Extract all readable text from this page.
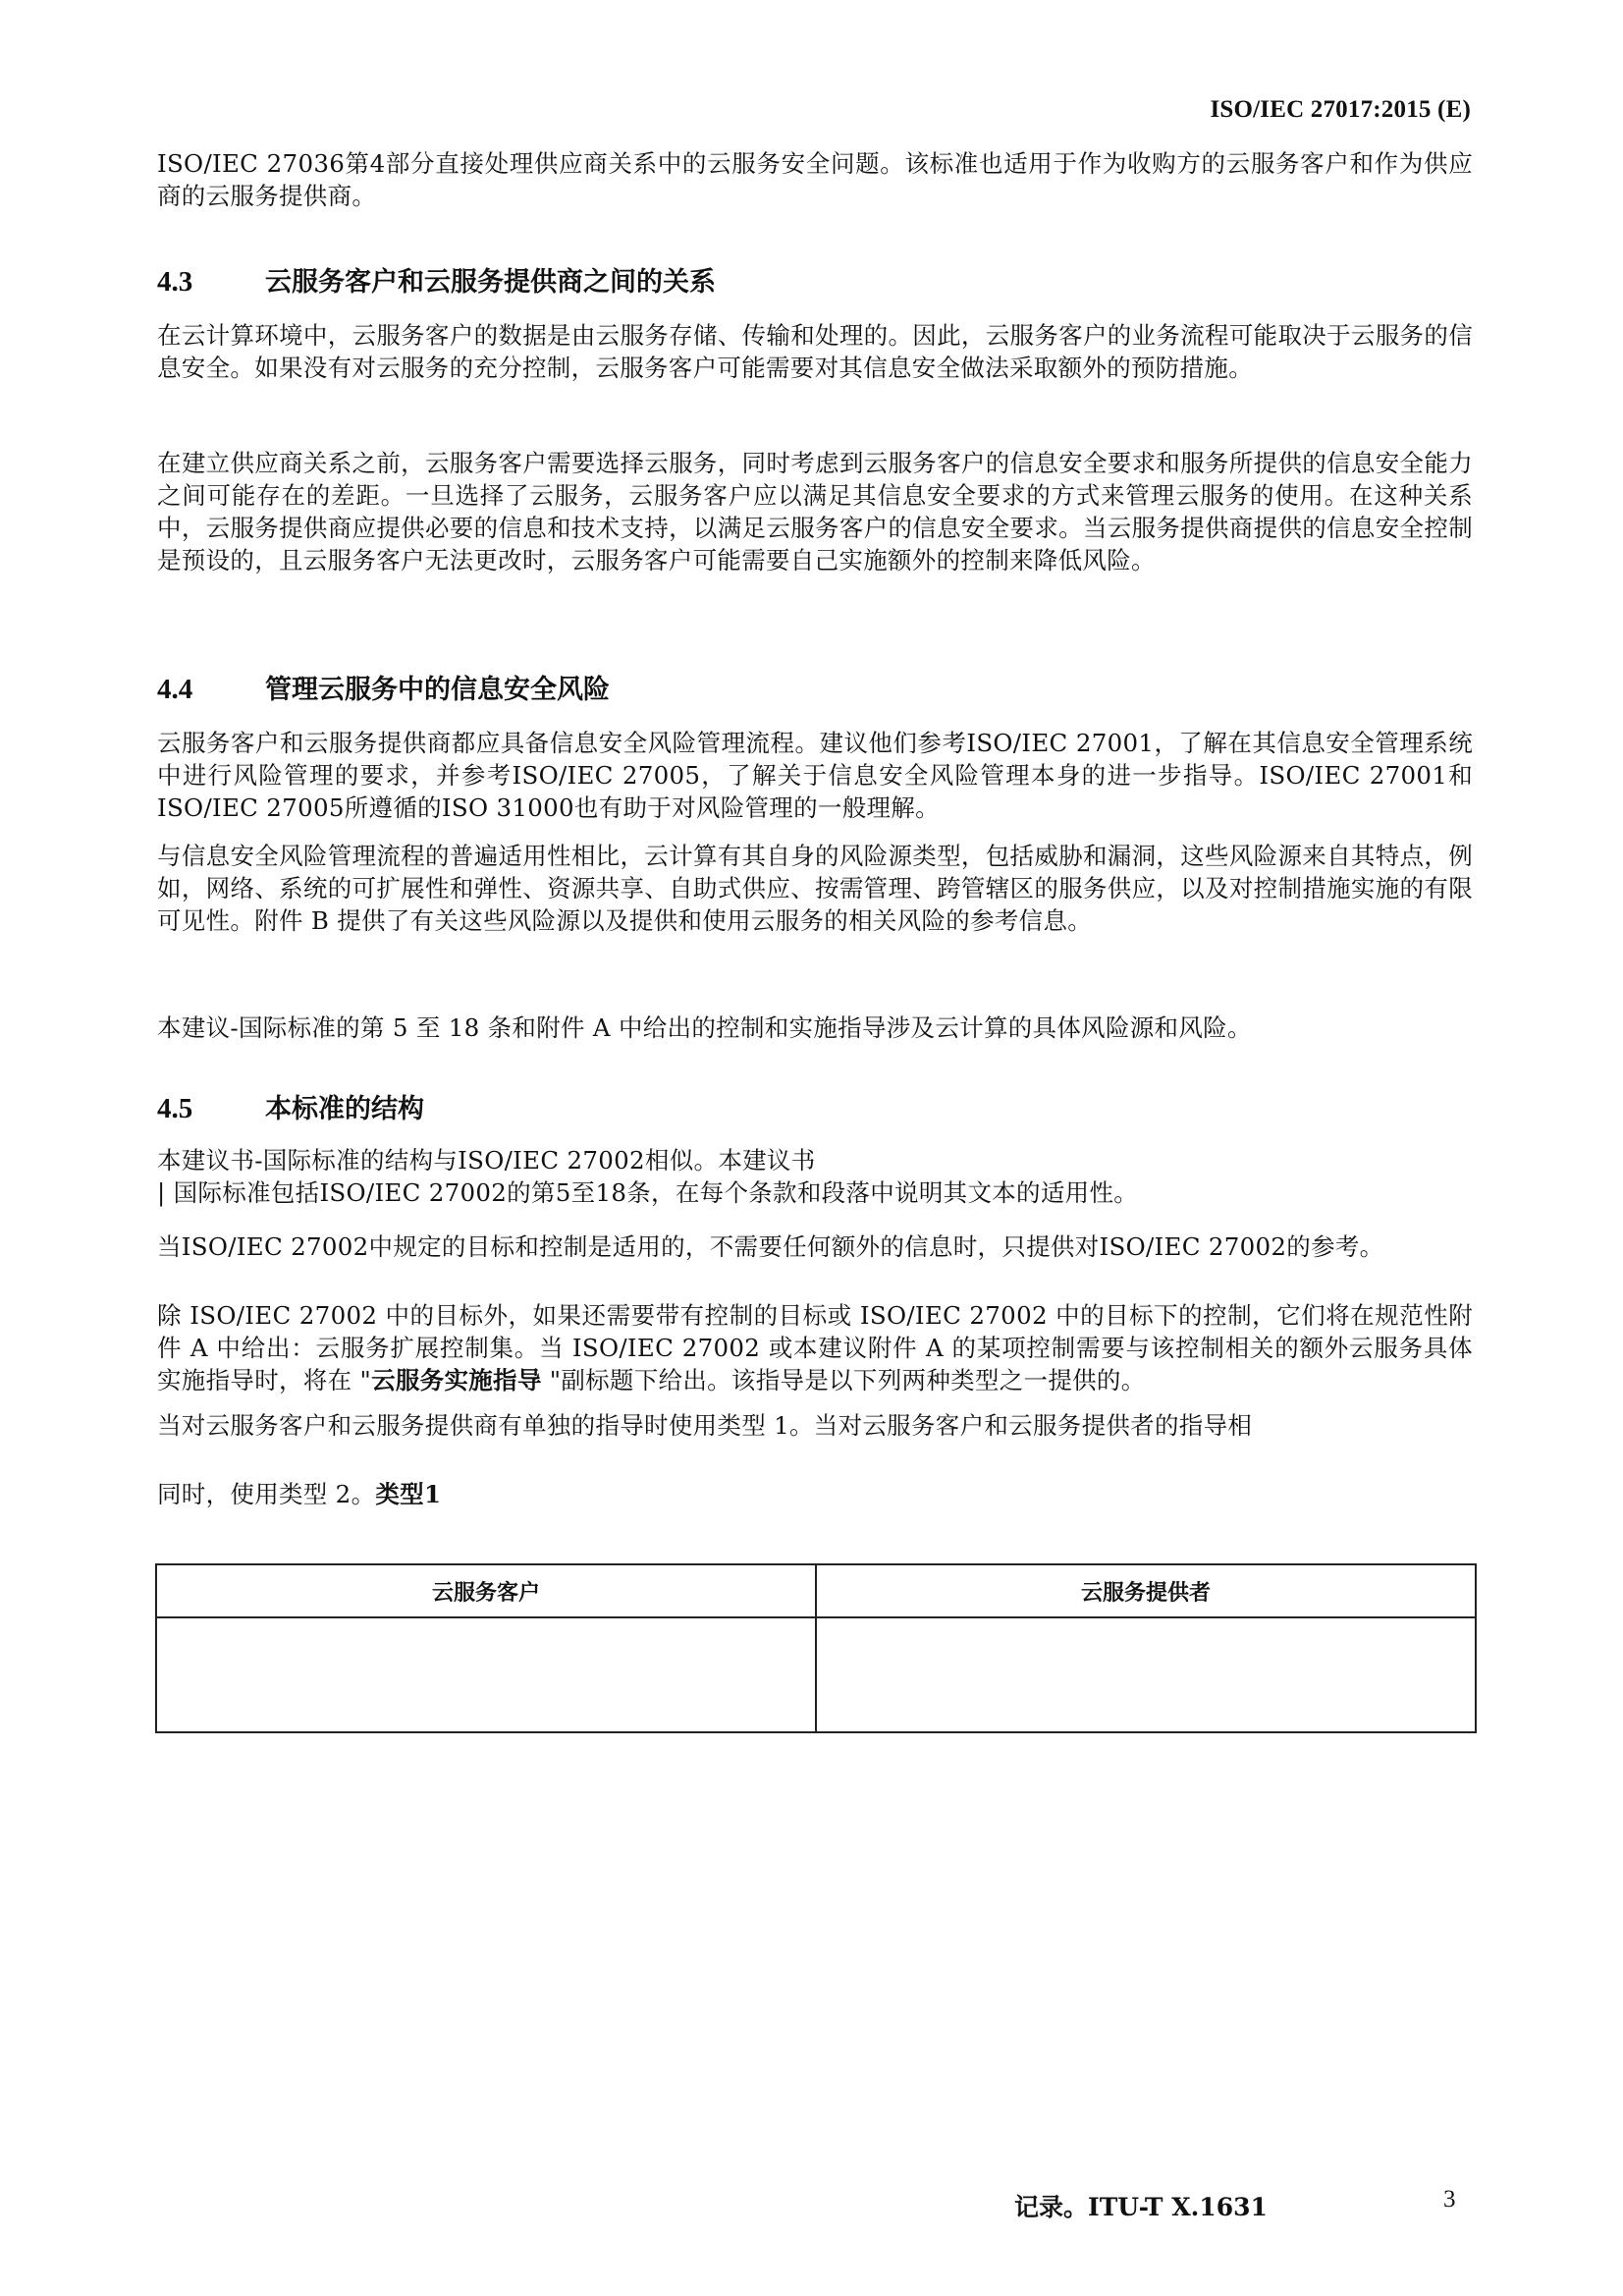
ISO/IEC 27017:2015 (E)

ISO/IEC 27036第4部分直接处理供应商关系中的云服务安全问题。该标准也适用于作为收购方的云服务客户和作为供应商的云服务提供商。

4.3	云服务客户和云服务提供商之间的关系

在云计算环境中，云服务客户的数据是由云服务存储、传输和处理的。因此，云服务客户的业务流程可能取决于云服务的信息安全。如果没有对云服务的充分控制，云服务客户可能需要对其信息安全做法采取额外的预防措施。

在建立供应商关系之前，云服务客户需要选择云服务，同时考虑到云服务客户的信息安全要求和服务所提供的信息安全能力之间可能存在的差距。一旦选择了云服务，云服务客户应以满足其信息安全要求的方式来管理云服务的使用。在这种关系中，云服务提供商应提供必要的信息和技术支持，以满足云服务客户的信息安全要求。当云服务提供商提供的信息安全控制是预设的，且云服务客户无法更改时，云服务客户可能需要自己实施额外的控制来降低风险。

4.4	管理云服务中的信息安全风险

云服务客户和云服务提供商都应具备信息安全风险管理流程。建议他们参考ISO/IEC 27001，了解在其信息安全管理系统中进行风险管理的要求，并参考ISO/IEC 27005，了解关于信息安全风险管理本身的进一步指导。ISO/IEC 27001和ISO/IEC 27005所遵循的ISO 31000也有助于对风险管理的一般理解。

与信息安全风险管理流程的普遍适用性相比，云计算有其自身的风险源类型，包括威胁和漏洞，这些风险源来自其特点，例如，网络、系统的可扩展性和弹性、资源共享、自助式供应、按需管理、跨管辖区的服务供应，以及对控制措施实施的有限可见性。附件 B 提供了有关这些风险源以及提供和使用云服务的相关风险的参考信息。

本建议-国际标准的第 5 至 18 条和附件 A 中给出的控制和实施指导涉及云计算的具体风险源和风险。

4.5	本标准的结构

本建议书-国际标准的结构与ISO/IEC 27002相似。本建议书

| 国际标准包括ISO/IEC 27002的第5至18条，在每个条款和段落中说明其文本的适用性。

当ISO/IEC 27002中规定的目标和控制是适用的，不需要任何额外的信息时，只提供对ISO/IEC 27002的参考。

除 ISO/IEC 27002 中的目标外，如果还需要带有控制的目标或 ISO/IEC 27002 中的目标下的控制，它们将在规范性附件 A 中给出：云服务扩展控制集。当 ISO/IEC 27002 或本建议附件 A 的某项控制需要与该控制相关的额外云服务具体实施指导时，将在 "云服务实施指导 "副标题下给出。该指导是以下列两种类型之一提供的。

当对云服务客户和云服务提供商有单独的指导时使用类型 1。当对云服务客户和云服务提供者的指导相

同时，使用类型 2。类型1

云服务客户	云服务提供者

记录。ITU-T X.1631	3
